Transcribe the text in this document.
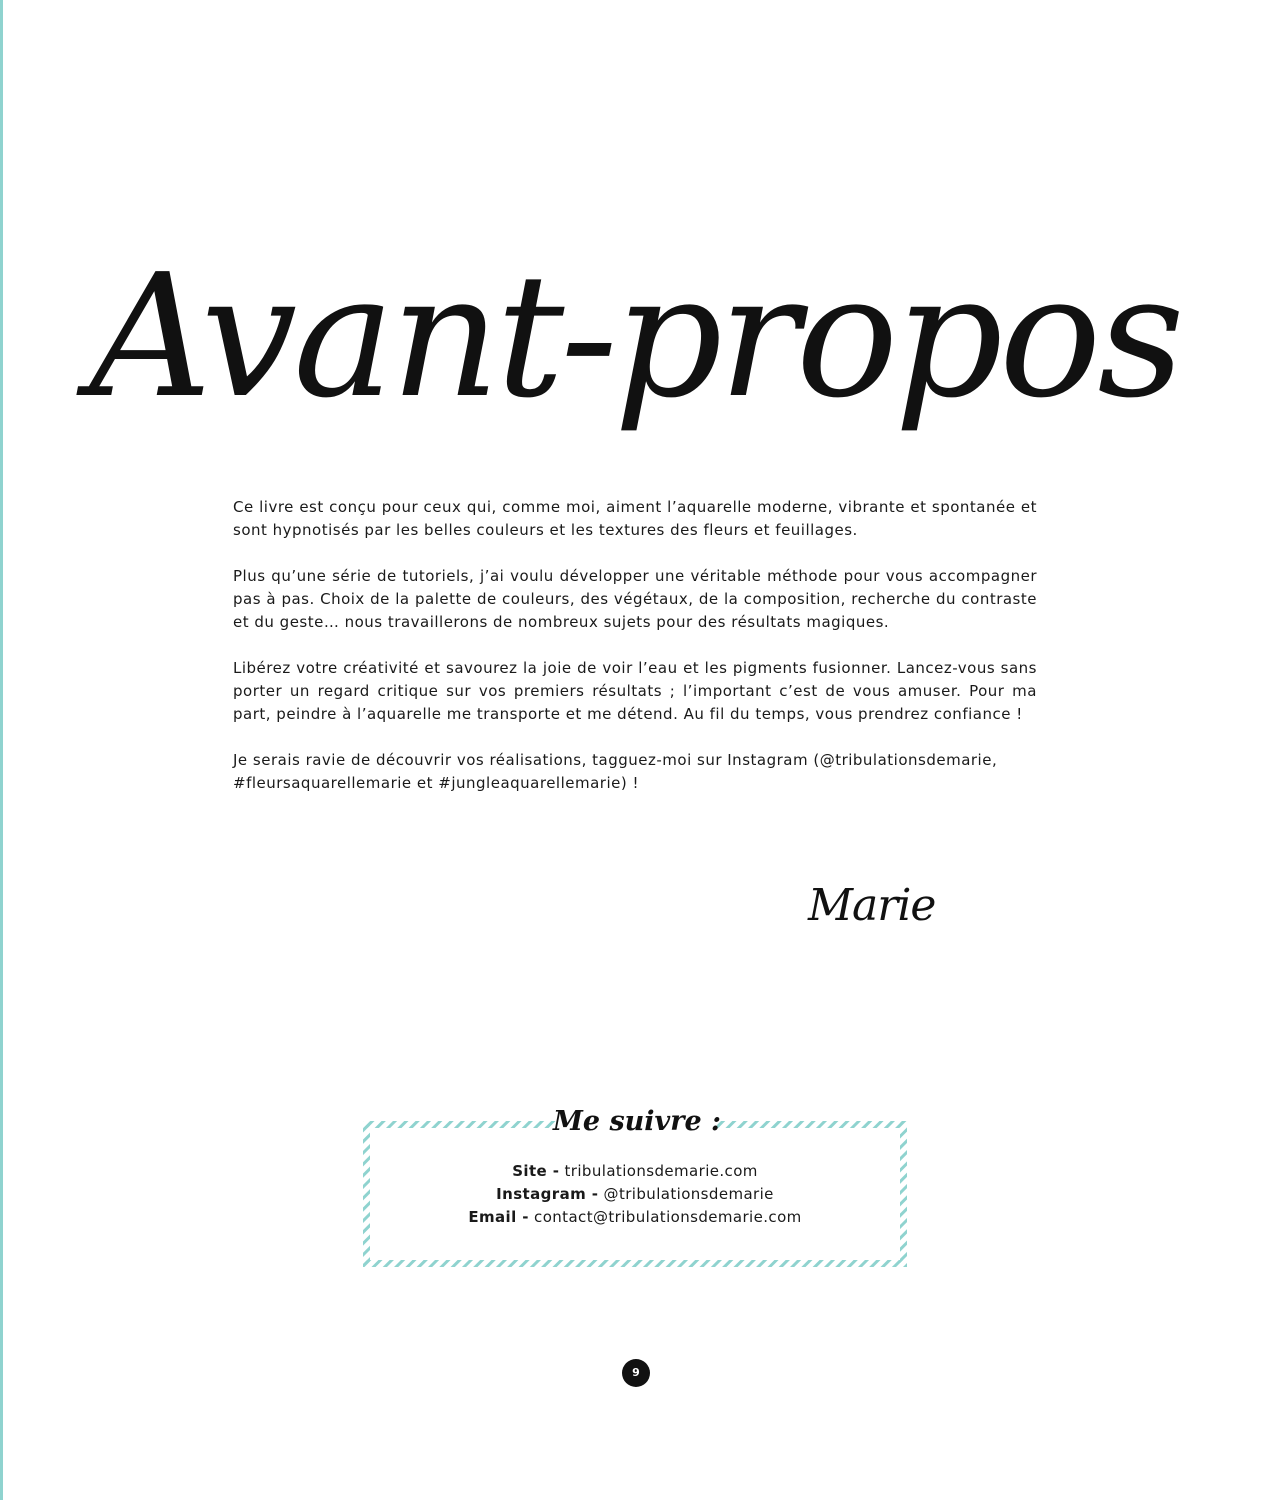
Avant-propos

Ce livre est conçu pour ceux qui, comme moi, aiment l’aquarelle moderne, vibrante et spontanée et sont hypnotisés par les belles couleurs et les textures des fleurs et feuillages.

Plus qu’une série de tutoriels, j’ai voulu développer une véritable méthode pour vous accompagner pas à pas. Choix de la palette de couleurs, des végétaux, de la composition, recherche du contraste et du geste… nous travaillerons de nombreux sujets pour des résultats magiques.

Libérez votre créativité et savourez la joie de voir l’eau et les pigments fusionner. Lancez-vous sans porter un regard critique sur vos premiers résultats ; l’important c’est de vous amuser. Pour ma part, peindre à l’aquarelle me transporte et me détend. Au fil du temps, vous prendrez confiance !

Je serais ravie de découvrir vos réalisations, tagguez-moi sur Instagram (@tribulationsdemarie, #fleursaquarellemarie et #jungleaquarellemarie) !

Marie
Me suivre :
Site - tribulationsdemarie.com
Instagram - @tribulationsdemarie
Email - contact@tribulationsdemarie.com
9
